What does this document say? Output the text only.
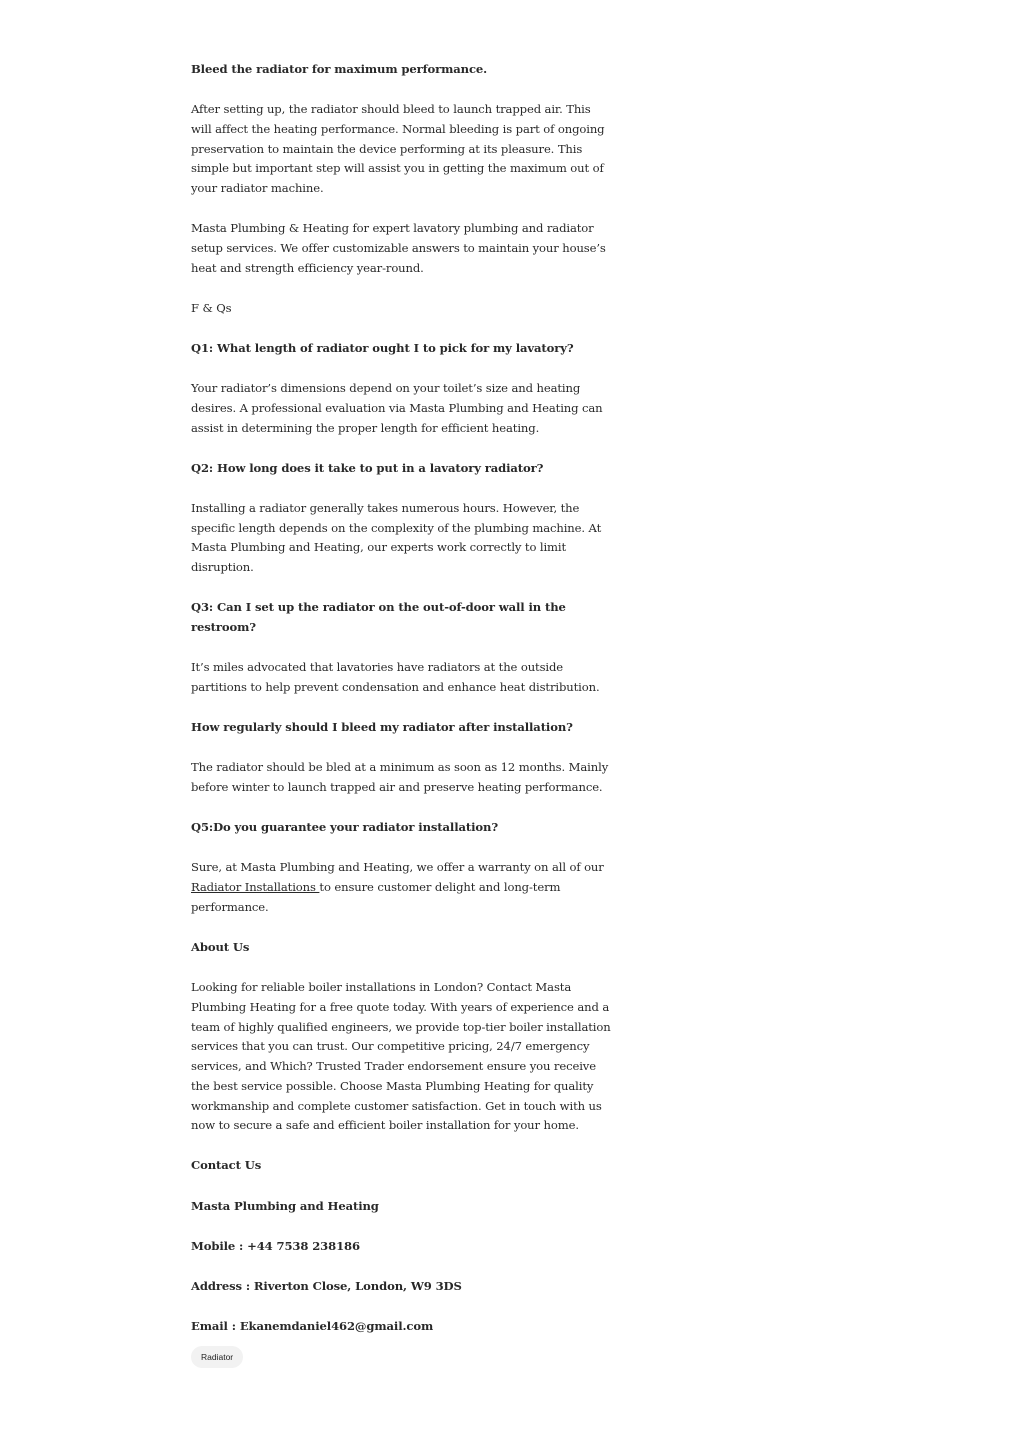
Bleed the radiator for maximum performance.

After setting up, the radiator should bleed to launch trapped air. This will affect the heating performance. Normal bleeding is part of ongoing preservation to maintain the device performing at its pleasure. This simple but important step will assist you in getting the maximum out of your radiator machine.

Masta Plumbing & Heating for expert lavatory plumbing and radiator setup services. We offer customizable answers to maintain your house’s heat and strength efficiency year-round.

F & Qs

Q1: What length of radiator ought I to pick for my lavatory?

Your radiator’s dimensions depend on your toilet’s size and heating desires. A professional evaluation via Masta Plumbing and Heating can assist in determining the proper length for efficient heating.

Q2: How long does it take to put in a lavatory radiator?

Installing a radiator generally takes numerous hours. However, the specific length depends on the complexity of the plumbing machine. At Masta Plumbing and Heating, our experts work correctly to limit disruption.

Q3: Can I set up the radiator on the out-of-door wall in the restroom?

It’s miles advocated that lavatories have radiators at the outside partitions to help prevent condensation and enhance heat distribution.

How regularly should I bleed my radiator after installation?

The radiator should be bled at a minimum as soon as 12 months. Mainly before winter to launch trapped air and preserve heating performance.

Q5:Do you guarantee your radiator installation?

Sure, at Masta Plumbing and Heating, we offer a warranty on all of our Radiator Installations to ensure customer delight and long-term performance.

About Us

Looking for reliable boiler installations in London? Contact Masta Plumbing Heating for a free quote today. With years of experience and a team of highly qualified engineers, we provide top-tier boiler installation services that you can trust. Our competitive pricing, 24/7 emergency services, and Which? Trusted Trader endorsement ensure you receive the best service possible. Choose Masta Plumbing Heating for quality workmanship and complete customer satisfaction. Get in touch with us now to secure a safe and efficient boiler installation for your home.

Contact Us

Masta Plumbing and Heating

Mobile : +44 7538 238186

Address : Riverton Close, London, W9 3DS

Email : Ekanemdaniel462@gmail.com

Radiator
